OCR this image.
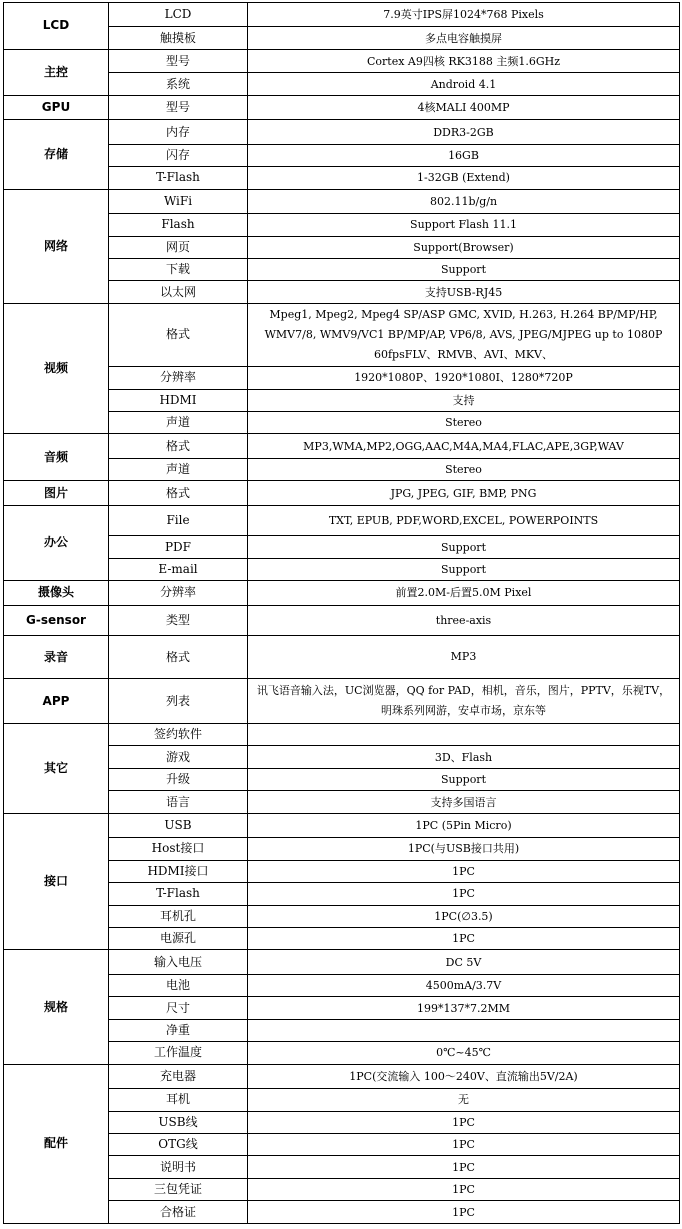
LCD	LCD	7.9英寸IPS屏1024*768 Pixels
	触摸板	多点电容触摸屏
主控	型号	Cortex A9四核 RK3188 主频1.6GHz
	系统	Android 4.1
GPU	型号	4核MALI 400MP
存储	内存	DDR3-2GB
	闪存	16GB
	T-Flash	1-32GB (Extend)
网络	WiFi	802.11b/g/n
	Flash	Support Flash 11.1
	网页	Support(Browser)
	下载	Support
	以太网	支持USB-RJ45
视频	格式	Mpeg1, Mpeg2, Mpeg4 SP/ASP GMC, XVID, H.263, H.264 BP/MP/HP, WMV7/8, WMV9/VC1 BP/MP/AP, VP6/8, AVS, JPEG/MJPEG up to 1080P 60fpsFLV、RMVB、AVI、MKV、
	分辨率	1920*1080P、1920*1080I、1280*720P
	HDMI	支持
	声道	Stereo
音频	格式	MP3,WMA,MP2,OGG,AAC,M4A,MA4,FLAC,APE,3GP,WAV
	声道	Stereo
图片	格式	JPG, JPEG, GIF, BMP, PNG
办公	File	TXT, EPUB, PDF,WORD,EXCEL, POWERPOINTS
	PDF	Support
	E-mail	Support
摄像头	分辨率	前置2.0M-后置5.0M Pixel
G-sensor	类型	three-axis
录音	格式	MP3
APP	列表	讯飞语音输入法，UC浏览器，QQ for PAD，相机，音乐，图片，PPTV，乐视TV，明珠系列网游，安卓市场，京东等
其它	签约软件	
	游戏	3D、Flash
	升级	Support
	语言	支持多国语言
接口	USB	1PC (5Pin Micro)
	Host接口	1PC(与USB接口共用)
	HDMI接口	1PC
	T-Flash	1PC
	耳机孔	1PC(∅3.5)
	电源孔	1PC
规格	输入电压	DC 5V
	电池	4500mA/3.7V
	尺寸	199*137*7.2MM
	净重	
	工作温度	0℃~45℃
配件	充电器	1PC(交流输入 100～240V、直流输出5V/2A)
	耳机	无
	USB线	1PC
	OTG线	1PC
	说明书	1PC
	三包凭证	1PC
	合格证	1PC
